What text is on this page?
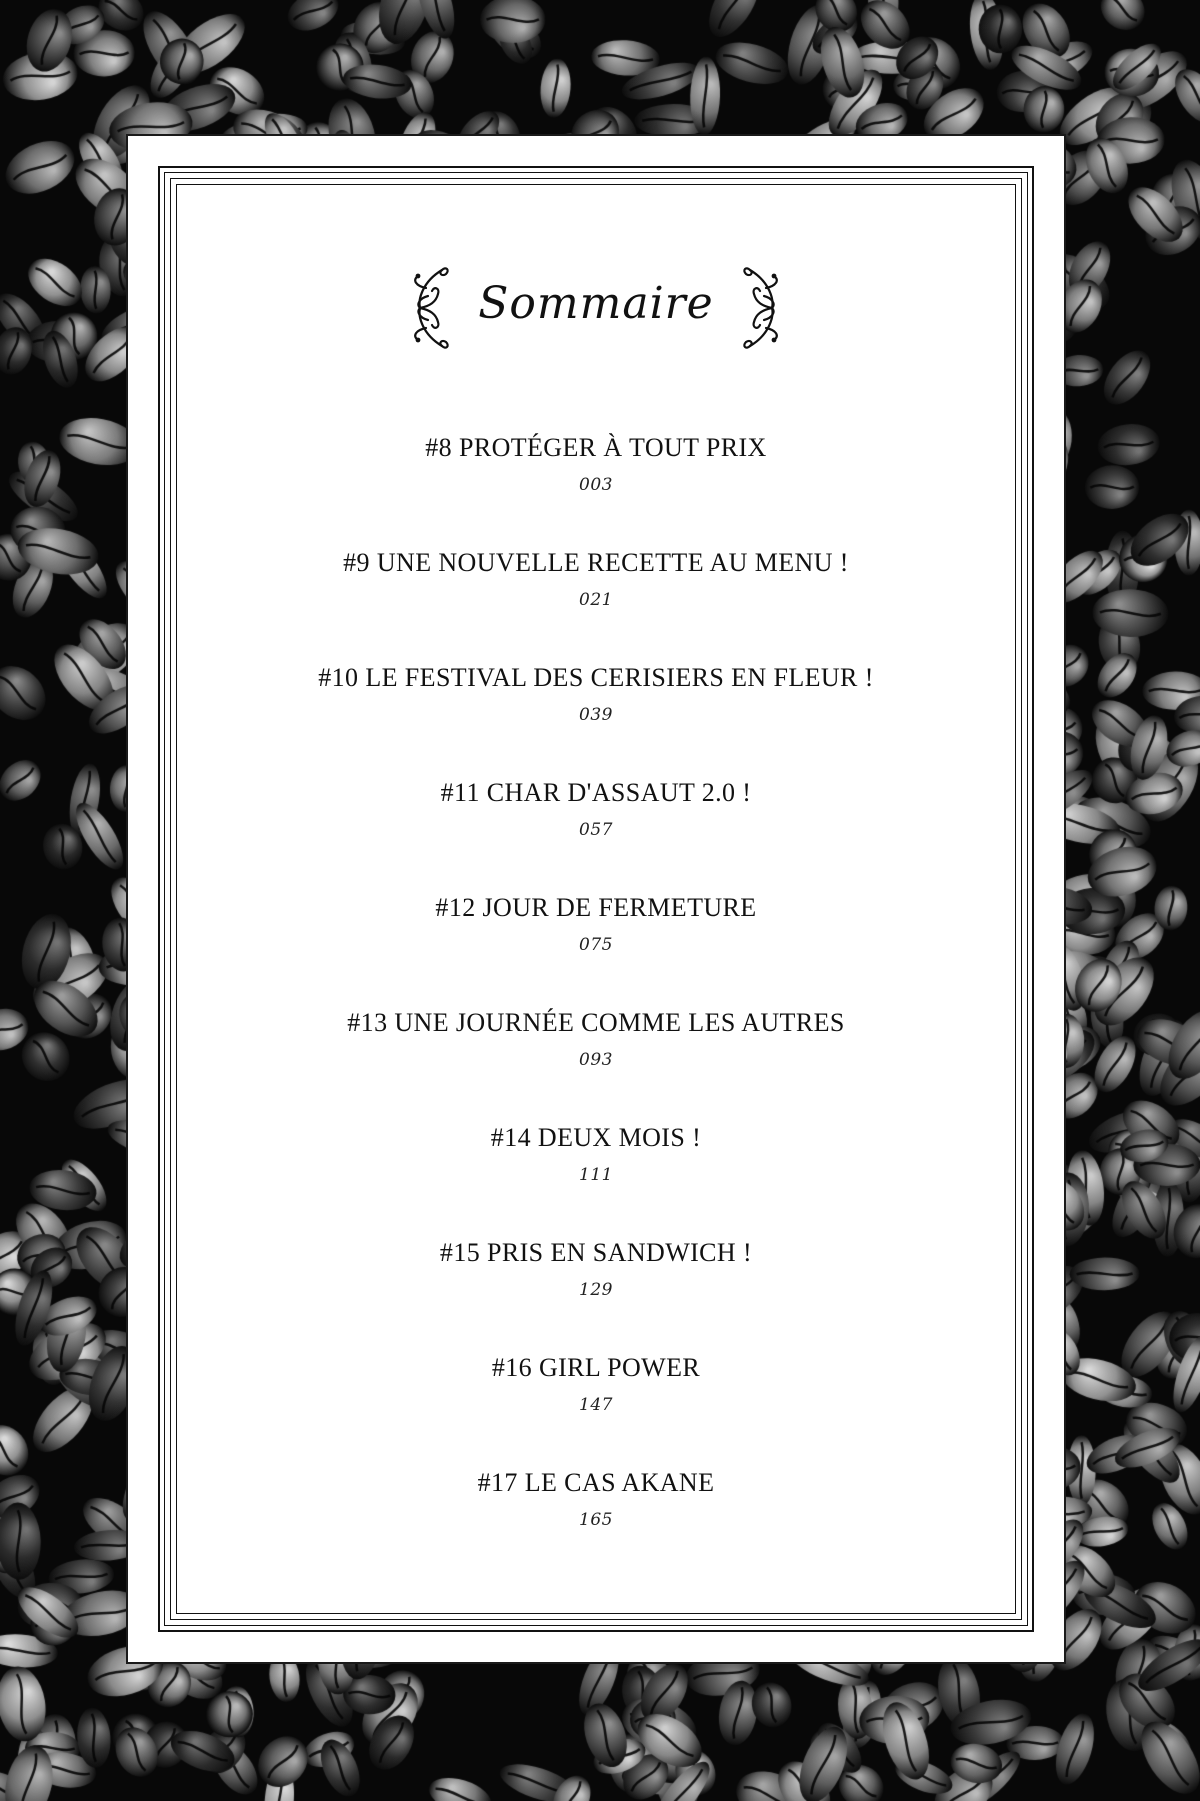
Sommaire
#8 PROTÉGER À TOUT PRIX
003
#9 UNE NOUVELLE RECETTE AU MENU !
021
#10 LE FESTIVAL DES CERISIERS EN FLEUR !
039
#11 CHAR D'ASSAUT 2.0 !
057
#12 JOUR DE FERMETURE
075
#13 UNE JOURNÉE COMME LES AUTRES
093
#14 DEUX MOIS !
111
#15 PRIS EN SANDWICH !
129
#16 GIRL POWER
147
#17 LE CAS AKANE
165
